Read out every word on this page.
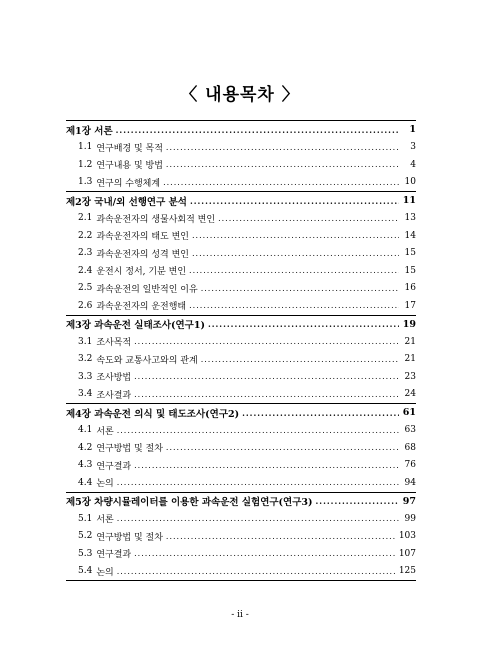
〈 내용목차 〉
제1장 서론 .....	1
1.1 연구배경 및 목적 .....	3
1.2 연구내용 및 방법 .....	4
1.3 연구의 수행체계 .....	10
제2장 국내/외 선행연구 분석 .....	11
2.1 과속운전자의 생물사회적 변인 .....	13
2.2 과속운전자의 태도 변인 .....	14
2.3 과속운전자의 성격 변인 .....	15
2.4 운전시 정서, 기분 변인 .....	15
2.5 과속운전의 일반적인 이유 .....	16
2.6 과속운전자의 운전행태 .....	17
제3장 과속운전 실태조사(연구1) .....	19
3.1 조사목적 .....	21
3.2 속도와 교통사고와의 관계 .....	21
3.3 조사방법 .....	23
3.4 조사결과 .....	24
제4장 과속운전 의식 및 태도조사(연구2) .....	61
4.1 서론 .....	63
4.2 연구방법 및 절차 .....	68
4.3 연구결과 .....	76
4.4 논의 .....	94
제5장 차량시뮬레이터를 이용한 과속운전 실험연구(연구3) .....	97
5.1 서론 .....	99
5.2 연구방법 및 절차 .....	103
5.3 연구결과 .....	107
5.4 논의 .....	125
- ii -
